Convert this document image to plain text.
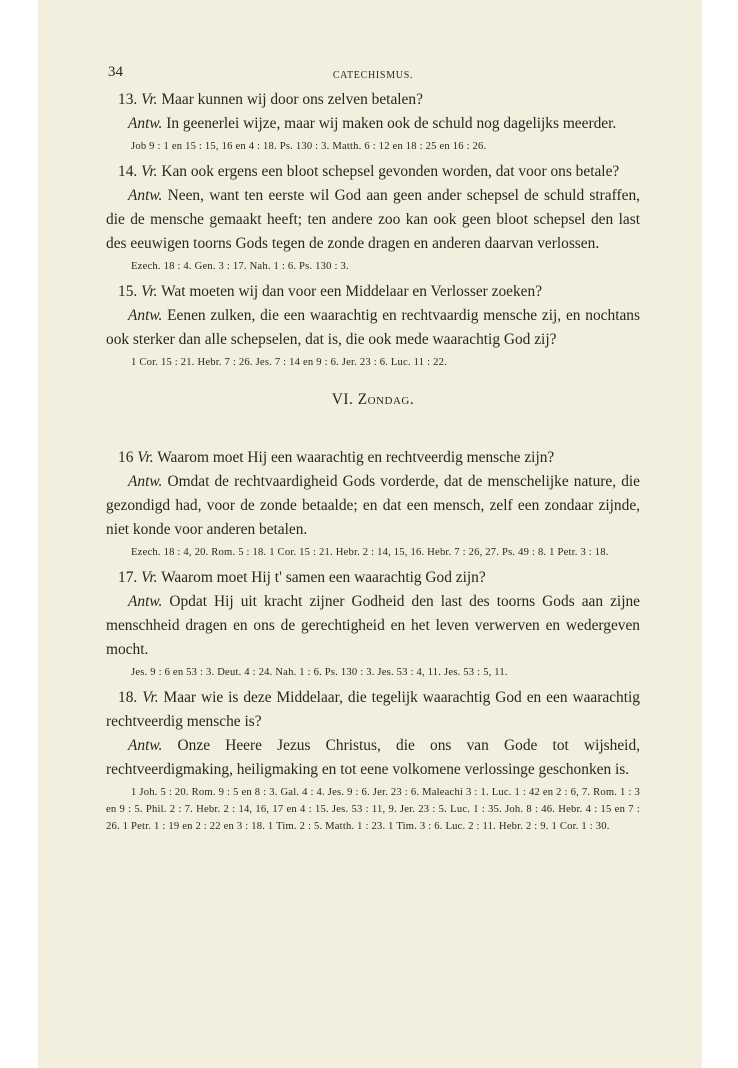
34	CATECHISMUS.

13. Vr. Maar kunnen wij door ons zelven betalen?

Antw. In geenerlei wijze, maar wij maken ook de schuld nog dagelijks meerder.

Job 9 : 1 en 15 : 15, 16 en 4 : 18. Ps. 130 : 3. Matth. 6 : 12 en 18 : 25 en 16 : 26.

14. Vr. Kan ook ergens een bloot schepsel gevonden worden, dat voor ons betale?

Antw. Neen, want ten eerste wil God aan geen ander schepsel de schuld straffen, die de mensche gemaakt heeft; ten andere zoo kan ook geen bloot schepsel den last des eeuwigen toorns Gods tegen de zonde dragen en anderen daarvan verlossen.

Ezech. 18 : 4. Gen. 3 : 17. Nah. 1 : 6. Ps. 130 : 3.

15. Vr. Wat moeten wij dan voor een Middelaar en Verlosser zoeken?

Antw. Eenen zulken, die een waarachtig en rechtvaardig mensche zij, en nochtans ook sterker dan alle schepselen, dat is, die ook mede waarachtig God zij?

1 Cor. 15 : 21. Hebr. 7 : 26. Jes. 7 : 14 en 9 : 6. Jer. 23 : 6. Luc. 11 : 22.
VI. Zondag.

16 Vr. Waarom moet Hij een waarachtig en rechtveerdig mensche zijn?

Antw. Omdat de rechtvaardigheid Gods vorderde, dat de menschelijke nature, die gezondigd had, voor de zonde betaalde; en dat een mensch, zelf een zondaar zijnde, niet konde voor anderen betalen.

Ezech. 18 : 4, 20. Rom. 5 : 18. 1 Cor. 15 : 21. Hebr. 2 : 14, 15, 16. Hebr. 7 : 26, 27. Ps. 49 : 8. 1 Petr. 3 : 18.

17. Vr. Waarom moet Hij t' samen een waarachtig God zijn?

Antw. Opdat Hij uit kracht zijner Godheid den last des toorns Gods aan zijne menschheid dragen en ons de gerechtigheid en het leven verwerven en wedergeven mocht.

Jes. 9 : 6 en 53 : 3. Deut. 4 : 24. Nah. 1 : 6. Ps. 130 : 3. Jes. 53 : 4, 11. Jes. 53 : 5, 11.

18. Vr. Maar wie is deze Middelaar, die tegelijk waarachtig God en een waarachtig rechtveerdig mensche is?

Antw. Onze Heere Jezus Christus, die ons van Gode tot wijsheid, rechtveerdigmaking, heiligmaking en tot eene volkomene verlossinge geschonken is.

1 Joh. 5 : 20. Rom. 9 : 5 en 8 : 3. Gal. 4 : 4. Jes. 9 : 6. Jer. 23 : 6. Maleachi 3 : 1. Luc. 1 : 42 en 2 : 6, 7. Rom. 1 : 3 en 9 : 5. Phil. 2 : 7. Hebr. 2 : 14, 16, 17 en 4 : 15. Jes. 53 : 11, 9. Jer. 23 : 5. Luc. 1 : 35. Joh. 8 : 46. Hebr. 4 : 15 en 7 : 26. 1 Petr. 1 : 19 en 2 : 22 en 3 : 18. 1 Tim. 2 : 5. Matth. 1 : 23. 1 Tim. 3 : 6. Luc. 2 : 11. Hebr. 2 : 9. 1 Cor. 1 : 30.
